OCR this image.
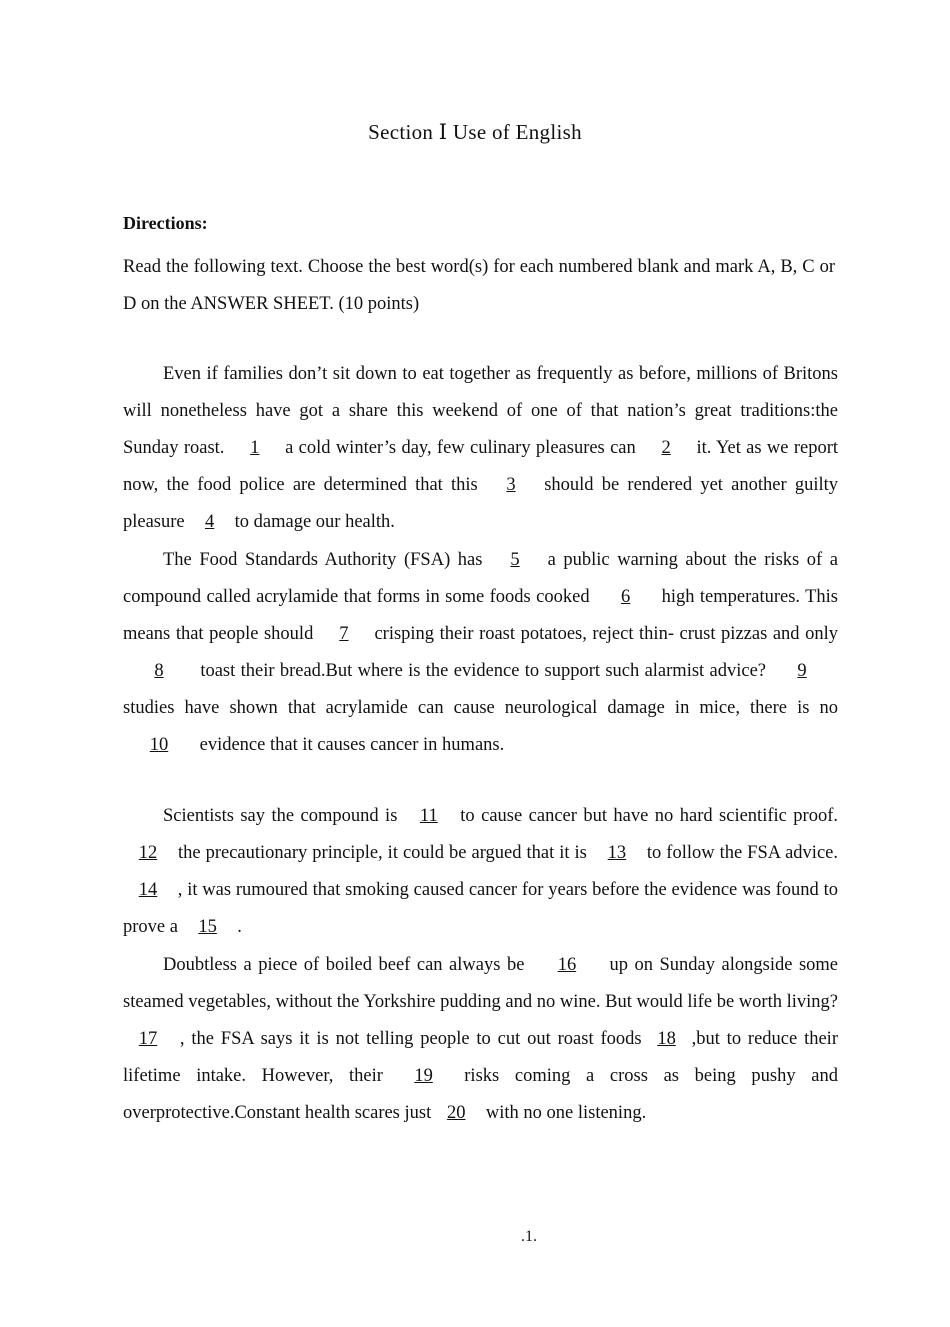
Section Ⅰ Use of English
Directions:
Read the following text. Choose the best word(s) for each numbered blank and mark A, B, C or D on the ANSWER SHEET. (10 points)
Even if families don’t sit down to eat together as frequently as before, millions of Britons will nonetheless have got a share this weekend of one of that nation’s great traditions:the Sunday roast. 1 a cold winter’s day, few culinary pleasures can 2 it. Yet as we report now, the food police are determined that this 3 should be rendered yet another guilty pleasure 4 to damage our health.
The Food Standards Authority (FSA) has 5 a public warning about the risks of a compound called acrylamide that forms in some foods cooked 6 high temperatures. This means that people should 7 crisping their roast potatoes, reject thin- crust pizzas and only 8 toast their bread.But where is the evidence to support such alarmist advice? 9 studies have shown that acrylamide can cause neurological damage in mice, there is no 10 evidence that it causes cancer in humans.
Scientists say the compound is 11 to cause cancer but have no hard scientific proof.12 the precautionary principle, it could be argued that it is 13 to follow the FSA advice. 14 , it was rumoured that smoking caused cancer for years before the evidence was found to prove a 15 .
Doubtless a piece of boiled beef can always be 16 up on Sunday alongside some steamed vegetables, without the Yorkshire pudding and no wine. But would life be worth living? 17 , the FSA says it is not telling people to cut out roast foods 18 ,but to reduce their lifetime intake. However, their 19 risks coming a cross as being pushy and overprotective.Constant health scares just 20 with no one listening.
.1.
